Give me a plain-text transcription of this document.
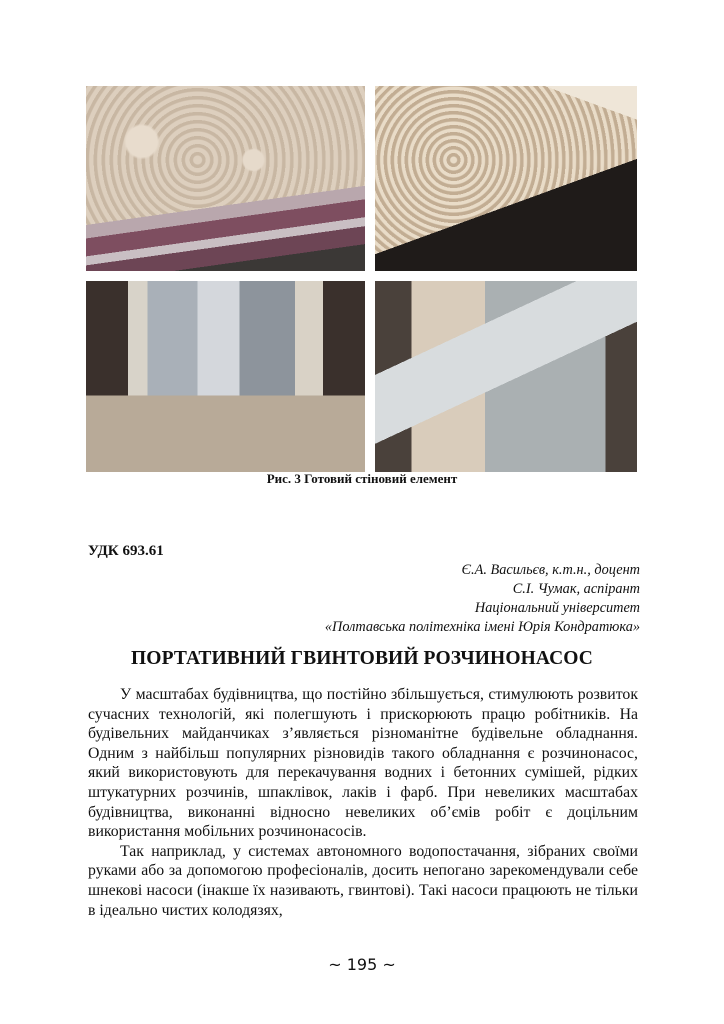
Рис. 3 Готовий стіновий елемент
УДК 693.61
Є.А. Васильєв, к.т.н., доцент
С.І. Чумак, аспірант
Національний університет
«Полтавська політехніка імені Юрія Кондратюка»
ПОРТАТИВНИЙ ГВИНТОВИЙ РОЗЧИНОНАСОС

У масштабах будівництва, що постійно збільшується, стимулюють розвиток сучасних технологій, які полегшують і прискорюють працю робітників. На будівельних майданчиках з’являється різноманітне будівельне обладнання. Одним з найбільш популярних різновидів такого обладнання є розчинонасос, який використовують для перекачування водних і бетонних сумішей, рідких штукатурних розчинів, шпаклівок, лаків і фарб. При невеликих масштабах будівництва, виконанні відносно невеликих об’ємів робіт є доцільним використання мобільних розчинонасосів.

Так наприклад, у системах автономного водопостачання, зібраних своїми руками або за допомогою професіоналів, досить непогано зарекомендували себе шнекові насоси (інакше їх називають, гвинтові). Такі насоси працюють не тільки в ідеально чистих колодязях,

~ 195 ~
